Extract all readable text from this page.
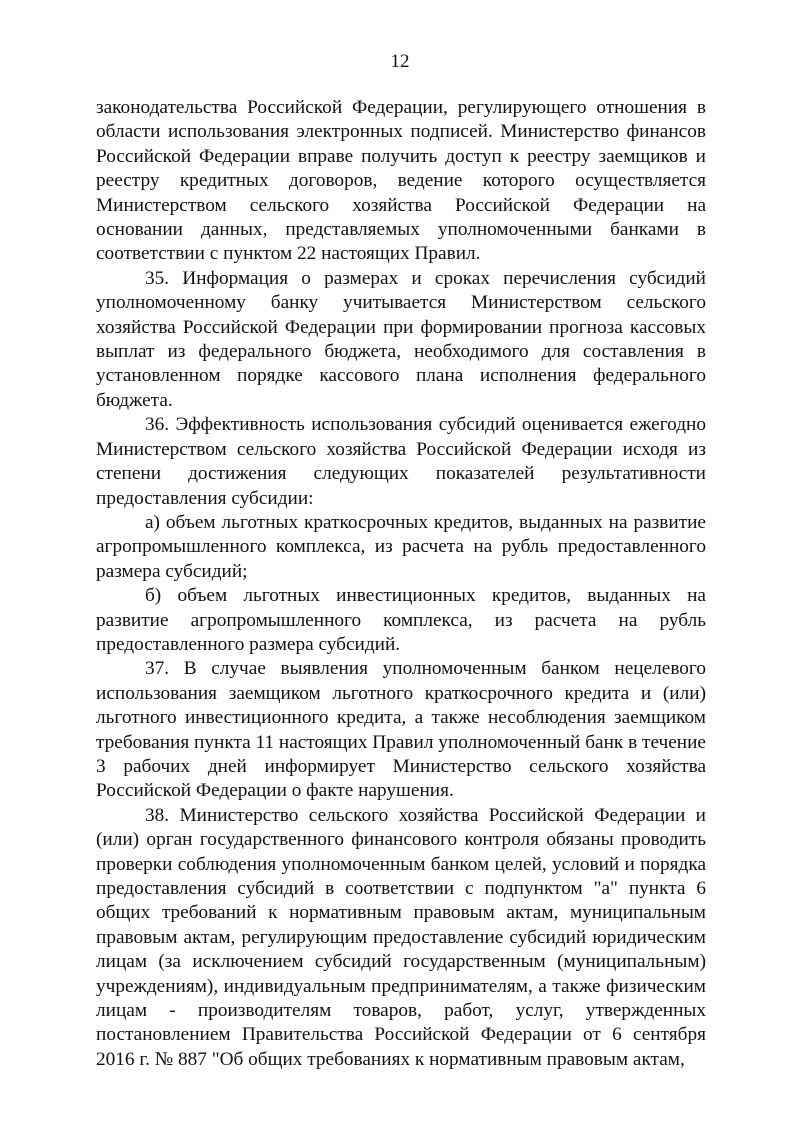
12

законодательства Российской Федерации, регулирующего отношения в области использования электронных подписей. Министерство финансов Российской Федерации вправе получить доступ к реестру заемщиков и реестру кредитных договоров, ведение которого осуществляется Министерством сельского хозяйства Российской Федерации на основании данных, представляемых уполномоченными банками в соответствии с пунктом 22 настоящих Правил.

35. Информация о размерах и сроках перечисления субсидий уполномоченному банку учитывается Министерством сельского хозяйства Российской Федерации при формировании прогноза кассовых выплат из федерального бюджета, необходимого для составления в установленном порядке кассового плана исполнения федерального бюджета.

36. Эффективность использования субсидий оценивается ежегодно Министерством сельского хозяйства Российской Федерации исходя из степени достижения следующих показателей результативности предоставления субсидии:

а) объем льготных краткосрочных кредитов, выданных на развитие агропромышленного комплекса, из расчета на рубль предоставленного размера субсидий;

б) объем льготных инвестиционных кредитов, выданных на развитие агропромышленного комплекса, из расчета на рубль предоставленного размера субсидий.

37. В случае выявления уполномоченным банком нецелевого использования заемщиком льготного краткосрочного кредита и (или) льготного инвестиционного кредита, а также несоблюдения заемщиком требования пункта 11 настоящих Правил уполномоченный банк в течение 3 рабочих дней информирует Министерство сельского хозяйства Российской Федерации о факте нарушения.

38. Министерство сельского хозяйства Российской Федерации и (или) орган государственного финансового контроля обязаны проводить проверки соблюдения уполномоченным банком целей, условий и порядка предоставления субсидий в соответствии с подпунктом "а" пункта 6 общих требований к нормативным правовым актам, муниципальным правовым актам, регулирующим предоставление субсидий юридическим лицам (за исключением субсидий государственным (муниципальным) учреждениям), индивидуальным предпринимателям, а также физическим лицам - производителям товаров, работ, услуг, утвержденных постановлением Правительства Российской Федерации от 6 сентября 2016 г. № 887 "Об общих требованиях к нормативным правовым актам,
